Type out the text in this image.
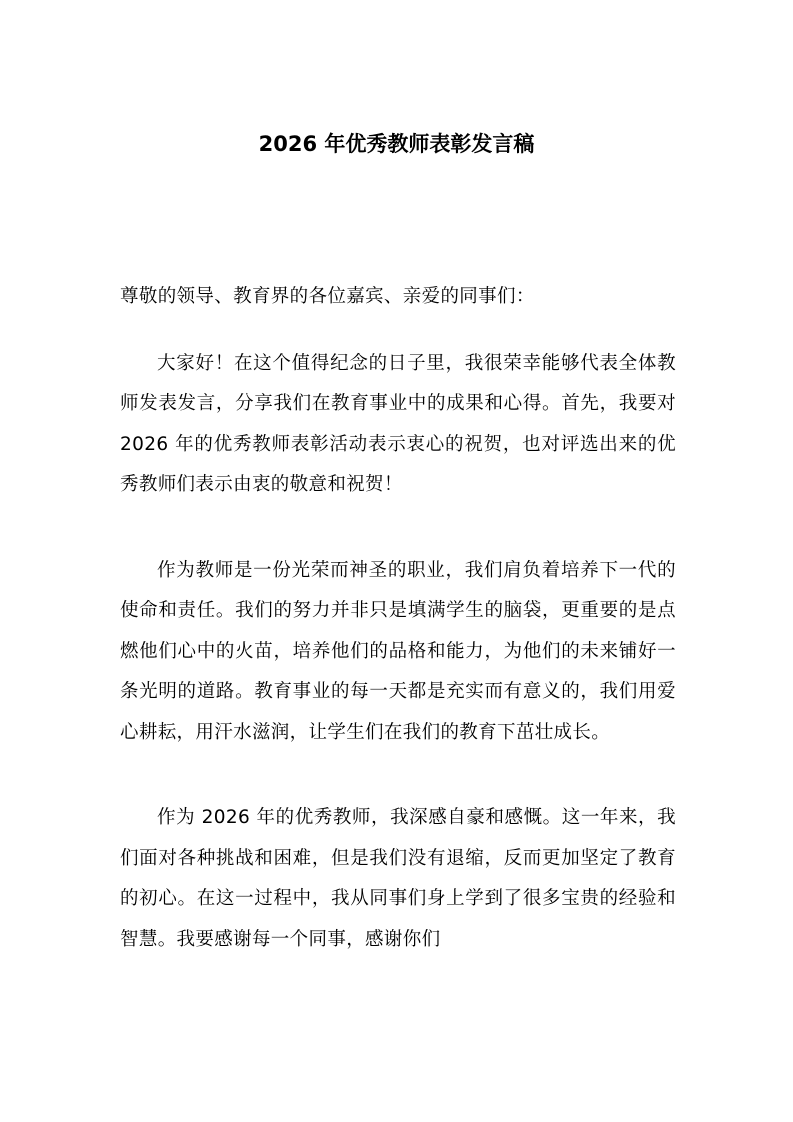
2026 年优秀教师表彰发言稿

尊敬的领导、教育界的各位嘉宾、亲爱的同事们：

大家好！在这个值得纪念的日子里，我很荣幸能够代表全体教师发表发言，分享我们在教育事业中的成果和心得。首先，我要对 2026 年的优秀教师表彰活动表示衷心的祝贺，也对评选出来的优秀教师们表示由衷的敬意和祝贺！

作为教师是一份光荣而神圣的职业，我们肩负着培养下一代的使命和责任。我们的努力并非只是填满学生的脑袋，更重要的是点燃他们心中的火苗，培养他们的品格和能力，为他们的未来铺好一条光明的道路。教育事业的每一天都是充实而有意义的，我们用爱心耕耘，用汗水滋润，让学生们在我们的教育下茁壮成长。

作为 2026 年的优秀教师，我深感自豪和感慨。这一年来，我们面对各种挑战和困难，但是我们没有退缩，反而更加坚定了教育的初心。在这一过程中，我从同事们身上学到了很多宝贵的经验和智慧。我要感谢每一个同事，感谢你们
